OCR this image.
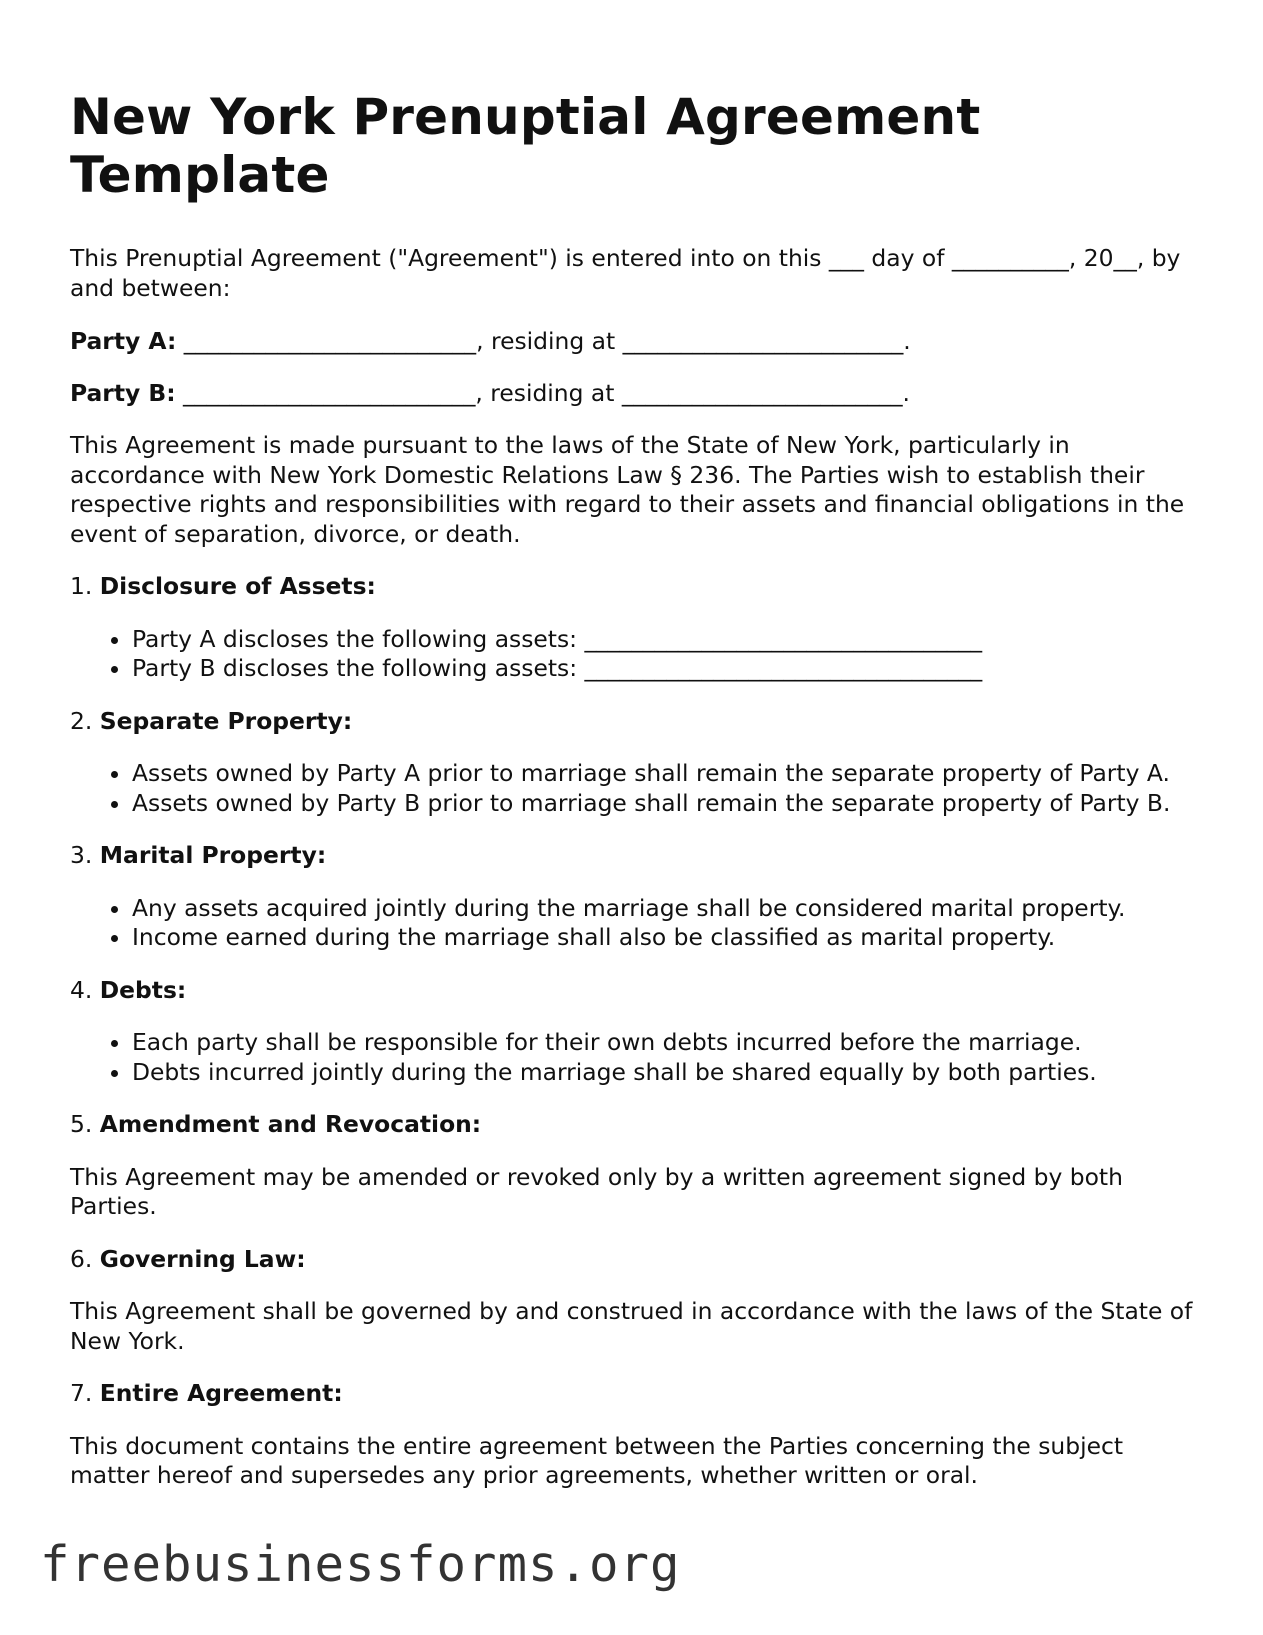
New York Prenuptial Agreement Template

This Prenuptial Agreement ("Agreement") is entered into on this ___ day of __________, 20__, by and between:

Party A: _________________________, residing at ________________________.

Party B: _________________________, residing at ________________________.

This Agreement is made pursuant to the laws of the State of New York, particularly in accordance with New York Domestic Relations Law § 236. The Parties wish to establish their respective rights and responsibilities with regard to their assets and financial obligations in the event of separation, divorce, or death.

1. Disclosure of Assets:

• Party A discloses the following assets: __________________________________
• Party B discloses the following assets: __________________________________

2. Separate Property:

• Assets owned by Party A prior to marriage shall remain the separate property of Party A.
• Assets owned by Party B prior to marriage shall remain the separate property of Party B.

3. Marital Property:

• Any assets acquired jointly during the marriage shall be considered marital property.
• Income earned during the marriage shall also be classified as marital property.

4. Debts:

• Each party shall be responsible for their own debts incurred before the marriage.
• Debts incurred jointly during the marriage shall be shared equally by both parties.

5. Amendment and Revocation:

This Agreement may be amended or revoked only by a written agreement signed by both Parties.

6. Governing Law:

This Agreement shall be governed by and construed in accordance with the laws of the State of New York.

7. Entire Agreement:

This document contains the entire agreement between the Parties concerning the subject matter hereof and supersedes any prior agreements, whether written or oral.

freebusinessforms.org
